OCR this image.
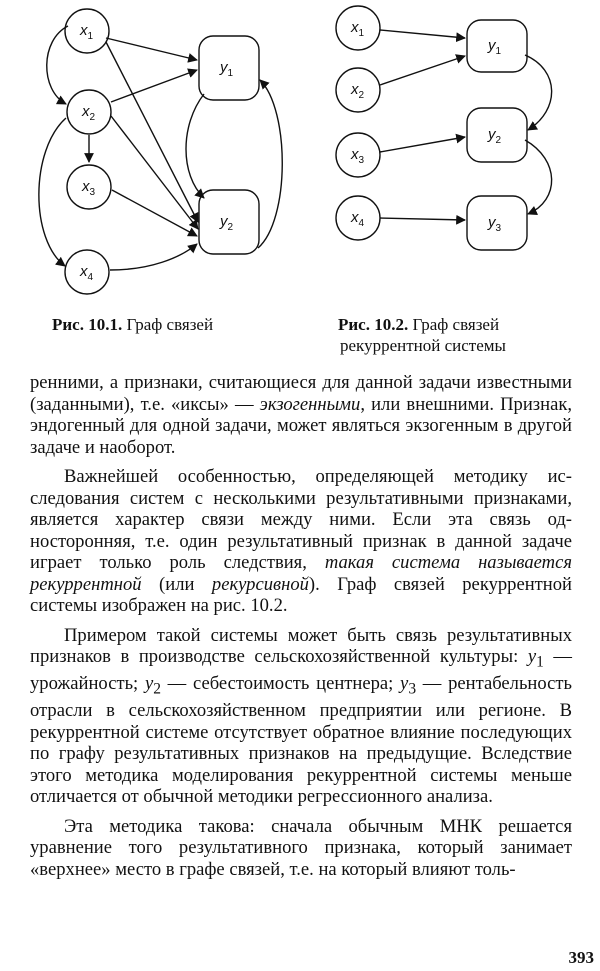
$x_1$
$x_2$
$x_3$
$x_4$
$y_1$
$y_2$
$x_1$
$x_2$
$x_3$
$x_4$
$y_1$
$y_2$
$y_3$
Рис. 10.1. Граф связей	Рис. 10.2. Граф связей
рекуррентной системы

ренними, а признаки, считающиеся для данной задачи известными (заданными), т.е. «иксы» — экзогенными, или внешними. Признак, эндогенный для одной задачи, может являться экзогенным в другой задаче и наоборот.

Важнейшей особенностью, определяющей методику исследования систем с несколькими результативными признаками, является характер связи между ними. Если эта связь односторонняя, т.е. один результативный признак в данной задаче играет только роль следствия, такая система называется рекуррентной (или рекурсивной). Граф связей рекуррентной системы изображен на рис. 10.2.

Примером такой системы может быть связь результативных признаков в производстве сельскохозяйственной культуры: $y_1$ — урожайность; $y_2$ — себестоимость центнера; $y_3$ — рентабельность отрасли в сельскохозяйственном предприятии или регионе. В рекуррентной системе отсутствует обратное влияние последующих по графу результативных признаков на предыдущие. Вследствие этого методика моделирования рекуррентной системы меньше отличается от обычной методики регрессионного анализа.

Эта методика такова: сначала обычным МНК решается уравнение того результативного признака, который занимает «верхнее» место в графе связей, т.е. на который влияют толь-

393
